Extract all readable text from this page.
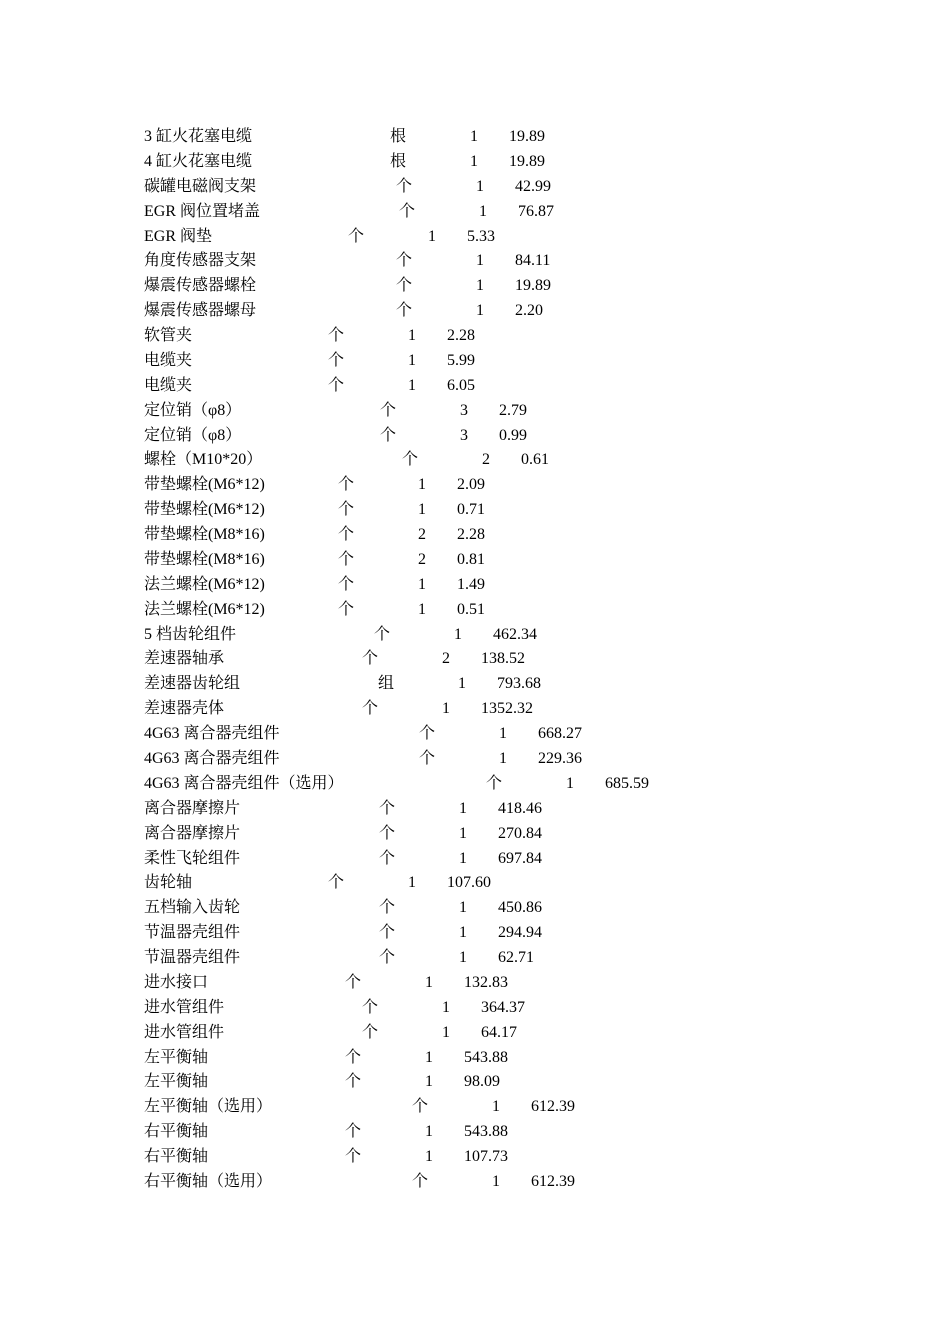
3 缸火花塞电缆	根	1 19.89
4 缸火花塞电缆	根	1 19.89
碳罐电磁阀支架	个	1 42.99
EGR 阀位置堵盖	个	1 76.87
EGR 阀垫	个	1 5.33
角度传感器支架	个	1 84.11
爆震传感器螺栓	个	1 19.89
爆震传感器螺母	个	1 2.20
软管夹	个	1 2.28
电缆夹	个	1 5.99
电缆夹	个	1 6.05
定位销（φ8）	个	3 2.79
定位销（φ8）	个	3 0.99
螺栓（M10*20）	个	2 0.61
带垫螺栓(M6*12)	个	1 2.09
带垫螺栓(M6*12)	个	1 0.71
带垫螺栓(M8*16)	个	2 2.28
带垫螺栓(M8*16)	个	2 0.81
法兰螺栓(M6*12)	个	1 1.49
法兰螺栓(M6*12)	个	1 0.51
5 档齿轮组件	个	1 462.34
差速器轴承	个	2 138.52
差速器齿轮组	组	1 793.68
差速器壳体	个	1 1352.32
4G63 离合器壳组件	个	1 668.27
4G63 离合器壳组件	个	1 229.36
4G63 离合器壳组件（选用）	个	1 685.59
离合器摩擦片	个	1 418.46
离合器摩擦片	个	1 270.84
柔性飞轮组件	个	1 697.84
齿轮轴	个	1 107.60
五档输入齿轮	个	1 450.86
节温器壳组件	个	1 294.94
节温器壳组件	个	1 62.71
进水接口	个	1 132.83
进水管组件	个	1 364.37
进水管组件	个	1 64.17
左平衡轴	个	1 543.88
左平衡轴	个	1 98.09
左平衡轴（选用）	个	1 612.39
右平衡轴	个	1 543.88
右平衡轴	个	1 107.73
右平衡轴（选用）	个	1 612.39
